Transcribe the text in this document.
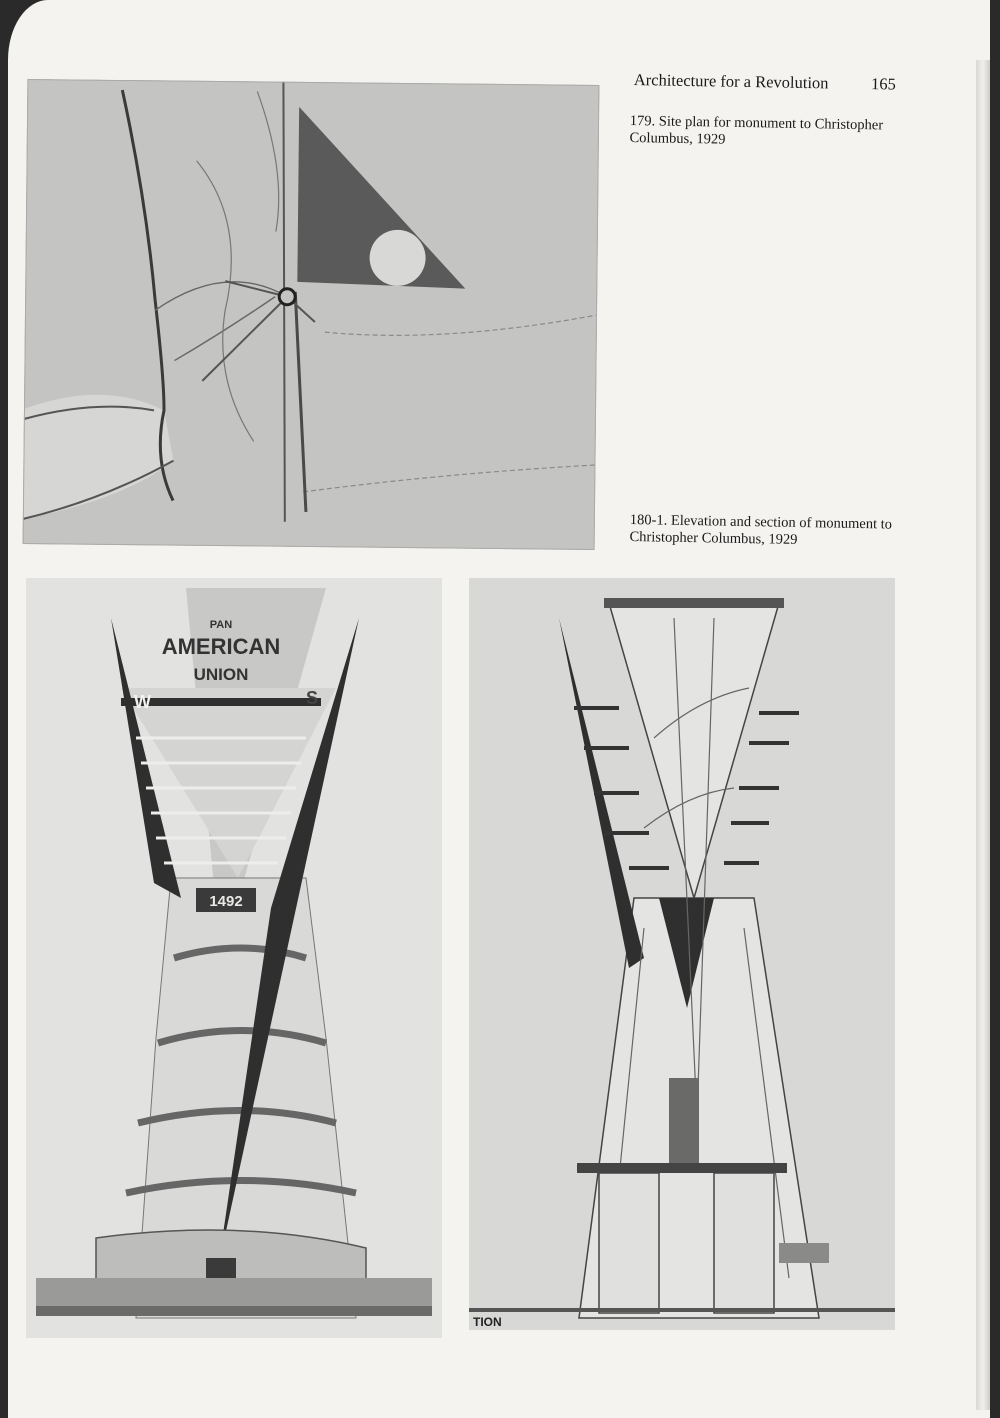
Architecture for a Revolution	165
179. Site plan for monument to Christopher Columbus, 1929
180-1. Elevation and section of monument to Christopher Columbus, 1929
1492
PAN
AMERICAN
UNION
W	S
TION
